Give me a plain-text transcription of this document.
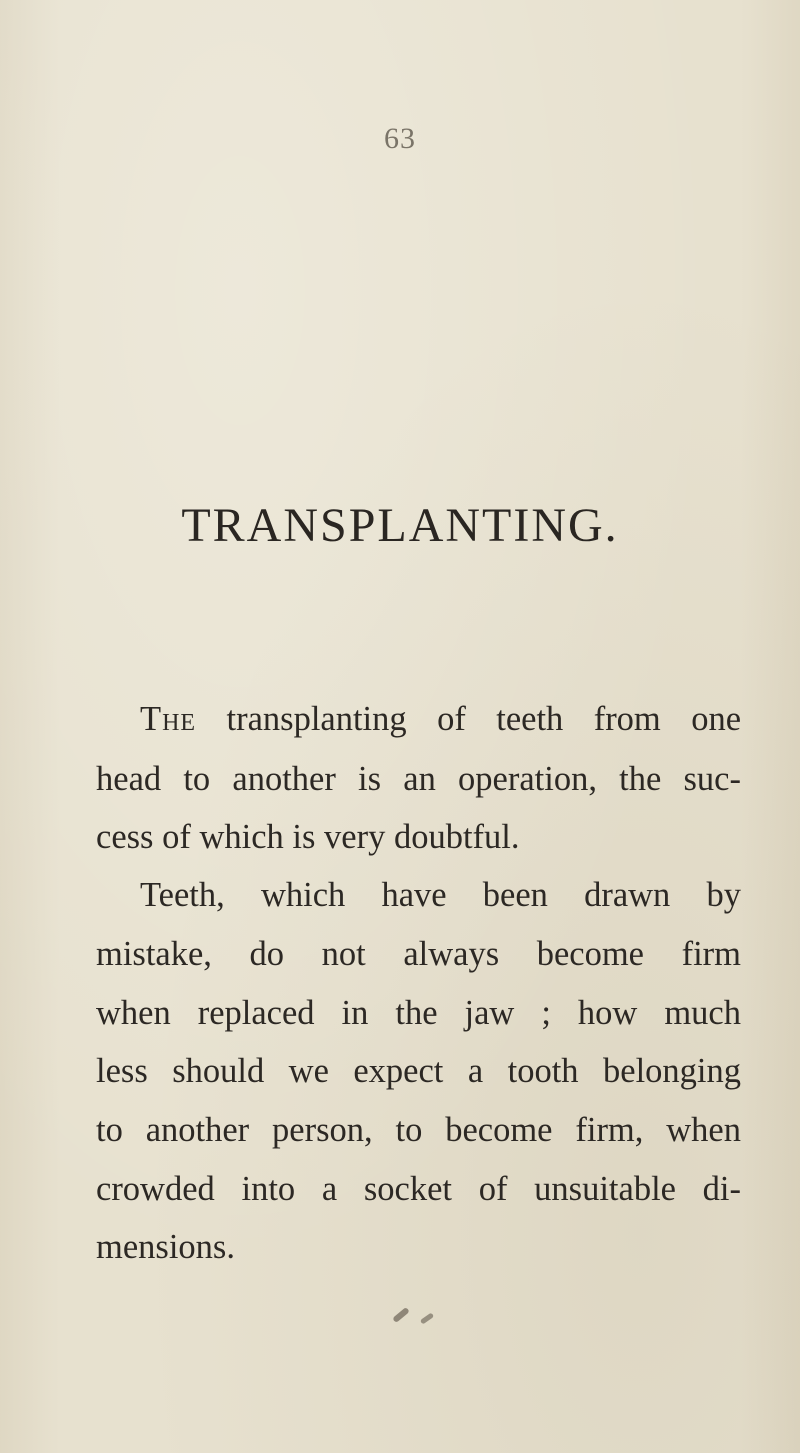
63
TRANSPLANTING.
The transplanting of teeth from one
head to another is an operation, the suc-
cess of which is very doubtful.
Teeth, which have been drawn by
mistake, do not always become firm
when replaced in the jaw ; how much
less should we expect a tooth belonging
to another person, to become firm, when
crowded into a socket of unsuitable di-
mensions.
